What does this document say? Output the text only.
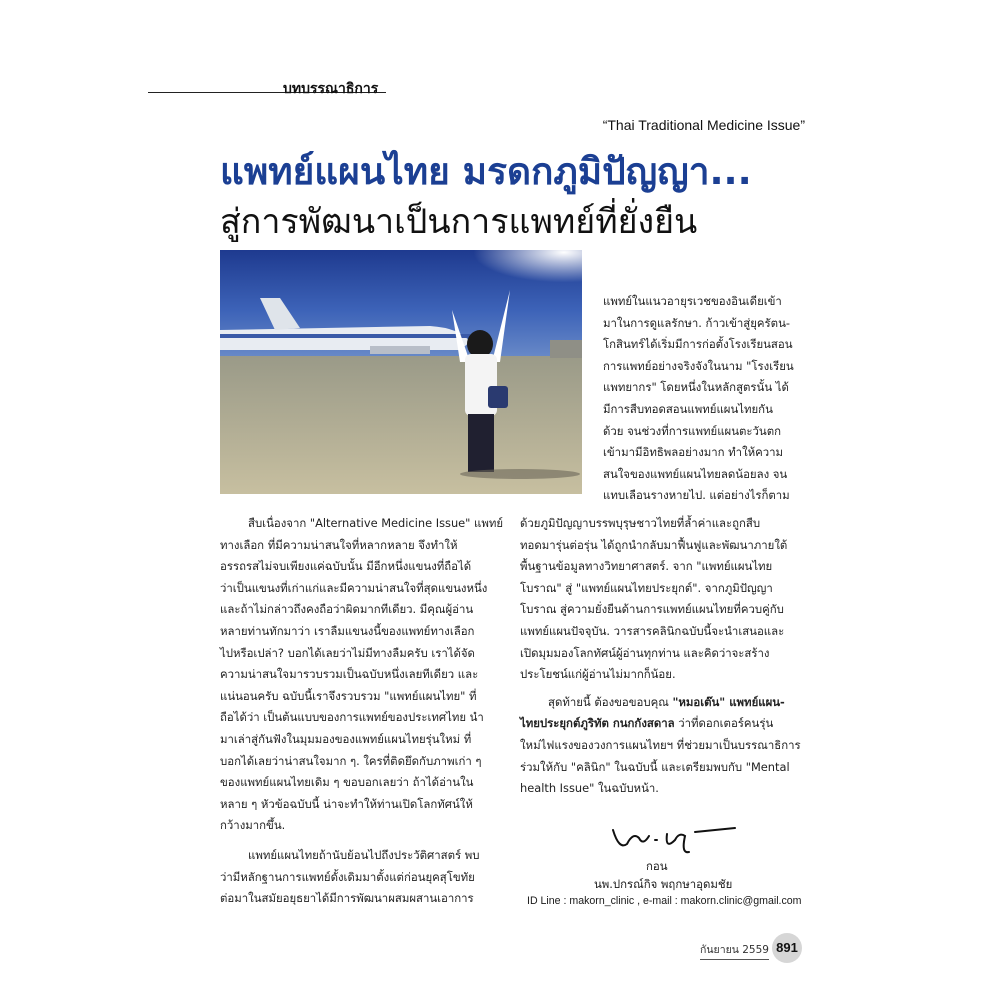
บทบรรณาธิการ
“Thai Traditional Medicine Issue”
แพทย์แผนไทย มรดกภูมิปัญญา...
สู่การพัฒนาเป็นการแพทย์ที่ยั่งยืน
แพทย์ในแนวอายุรเวชของอินเดียเข้า
มาในการดูแลรักษา. ก้าวเข้าสู่ยุครัตน-
โกสินทร์ได้เริ่มมีการก่อตั้งโรงเรียนสอน
การแพทย์อย่างจริงจังในนาม "โรงเรียน
แพทยากร" โดยหนึ่งในหลักสูตรนั้น ได้
มีการสืบทอดสอนแพทย์แผนไทยกัน
ด้วย จนช่วงที่การแพทย์แผนตะวันตก
เข้ามามีอิทธิพลอย่างมาก ทำให้ความ
สนใจของแพทย์แผนไทยลดน้อยลง จน
แทบเลือนรางหายไป. แต่อย่างไรก็ตาม
สืบเนื่องจาก "Alternative Medicine Issue" แพทย์
ทางเลือก ที่มีความน่าสนใจที่หลากหลาย จึงทำให้
อรรถรสไม่จบเพียงแค่ฉบับนั้น มีอีกหนึ่งแขนงที่ถือได้
ว่าเป็นแขนงที่เก่าแก่และมีความน่าสนใจที่สุดแขนงหนึ่ง
และถ้าไม่กล่าวถึงคงถือว่าผิดมากทีเดียว. มีคุณผู้อ่าน
หลายท่านทักมาว่า เราลืมแขนงนี้ของแพทย์ทางเลือก
ไปหรือเปล่า? บอกได้เลยว่าไม่มีทางลืมครับ เราได้จัด
ความน่าสนใจมารวบรวมเป็นฉบับหนึ่งเลยทีเดียว และ
แน่นอนครับ ฉบับนี้เราจึงรวบรวม "แพทย์แผนไทย" ที่
ถือได้ว่า เป็นต้นแบบของการแพทย์ของประเทศไทย นำ
มาเล่าสู่กันฟังในมุมมองของแพทย์แผนไทยรุ่นใหม่ ที่
บอกได้เลยว่าน่าสนใจมาก ๆ. ใครที่ติดยึดกับภาพเก่า ๆ
ของแพทย์แผนไทยเดิม ๆ ขอบอกเลยว่า ถ้าได้อ่านใน
หลาย ๆ หัวข้อฉบับนี้ น่าจะทำให้ท่านเปิดโลกทัศน์ให้
กว้างมากขึ้น.
แพทย์แผนไทยถ้านับย้อนไปถึงประวัติศาสตร์ พบ
ว่ามีหลักฐานการแพทย์ดั้งเดิมมาตั้งแต่ก่อนยุคสุโขทัย
ต่อมาในสมัยอยุธยาได้มีการพัฒนาผสมผสานเอาการ
ด้วยภูมิปัญญาบรรพบุรุษชาวไทยที่ล้ำค่าและถูกสืบ
ทอดมารุ่นต่อรุ่น ได้ถูกนำกลับมาฟื้นฟูและพัฒนาภายใต้
พื้นฐานข้อมูลทางวิทยาศาสตร์. จาก "แพทย์แผนไทย
โบราณ" สู่ "แพทย์แผนไทยประยุกต์". จากภูมิปัญญา
โบราณ สู่ความยั่งยืนด้านการแพทย์แผนไทยที่ควบคู่กับ
แพทย์แผนปัจจุบัน. วารสารคลินิกฉบับนี้จะนำเสนอและ
เปิดมุมมองโลกทัศน์ผู้อ่านทุกท่าน และคิดว่าจะสร้าง
ประโยชน์แก่ผู้อ่านไม่มากก็น้อย.

สุดท้ายนี้ ต้องขอขอบคุณ "หมอเต๊น" แพทย์แผน-
ไทยประยุกต์ภูริทัต กนกกังสดาล ว่าที่ดอกเตอร์คนรุ่น
ใหม่ไฟแรงของวงการแผนไทยฯ ที่ช่วยมาเป็นบรรณาธิการ
ร่วมให้กับ "คลินิก" ในฉบับนี้ และเตรียมพบกับ "Mental
health Issue" ในฉบับหน้า.

กอน
นพ.ปกรณ์กิจ พฤกษาอุดมชัย
ID Line : makorn_clinic , e-mail : makorn.clinic@gmail.com
กันยายน 2559 891
